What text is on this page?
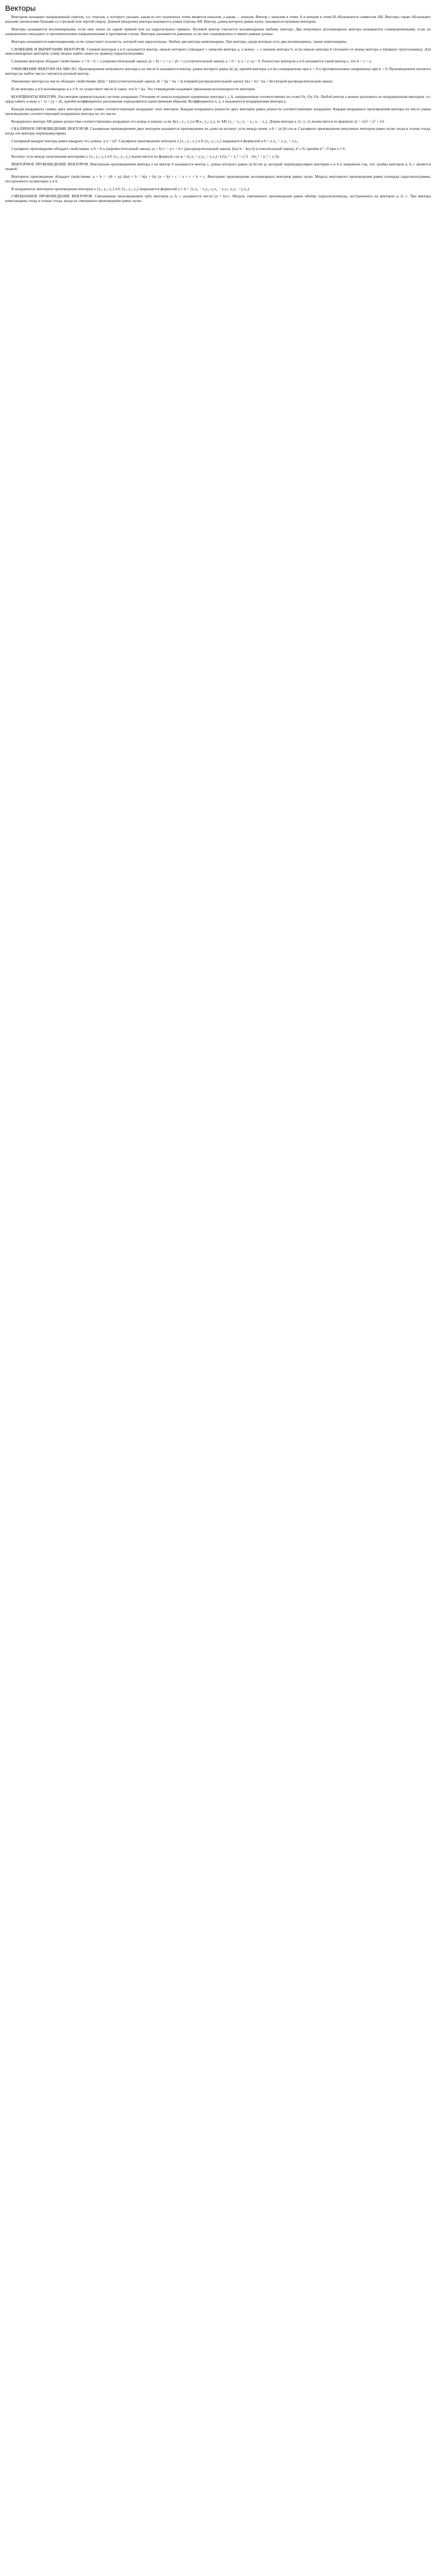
Векторы

Вектором называют направленный отрезок, т.е. отрезок, у которого указано, какая из его граничных точек является началом, а какая — концом. Вектор с началом в точке A и концом в точке B обозначается символом AB. Векторы также обозначают малыми латинскими буквами со стрелкой или чертой сверху. Длиной (модулем) вектора называется длина отрезка AB. Вектор, длина которого равна нулю, называется нулевым вектором.

Векторы называются коллинеарными, если они лежат на одной прямой или на параллельных прямых. Нулевой вектор считается коллинеарным любому вектору. Два ненулевых коллинеарных вектора называются сонаправленными, если их направления совпадают, и противоположно направленными в противном случае. Векторы называются равными, если они сонаправлены и имеют равные длины.

Векторы называются компланарными, если существует плоскость, которой они параллельны. Любые два вектора компланарны. Три вектора, среди которых есть два коллинеарных, также компланарны.

СЛОЖЕНИЕ И ВЫЧИТАНИЕ ВЕКТОРОВ. Суммой векторов a и b называется вектор, начало которого совпадает с началом вектора a, а конец — с концом вектора b, если начало вектора b отложено от конца вектора a (правило треугольника). Для неколлинеарных векторов сумму можно найти также по правилу параллелограмма.

Сложение векторов обладает свойствами: a + b = b + a (переместительный закон); (a + b) + c = a + (b + c) (сочетательный закон); a + 0 = a; a + (−a) = 0. Разностью векторов a и b называется такой вектор c, что b + c = a.

УМНОЖЕНИЕ ВЕКТОРА НА ЧИСЛО. Произведением ненулевого вектора a на число k называется вектор, длина которого равна |k|·|a|, причём векторы a и ka сонаправлены при k > 0 и противоположно направлены при k < 0. Произведением нулевого вектора на любое число считается нулевой вектор.

Умножение вектора на число обладает свойствами: (kl)a = k(la) (сочетательный закон); (k + l)a = ka + la (первый распределительный закон); k(a + b) = ka + kb (второй распределительный закон).

Если векторы a и b коллинеарны и a ≠ 0, то существует число k такое, что b = ka. Это утверждение называют признаком коллинеарности векторов.

КООРДИНАТЫ ВЕКТОРА. Рассмотрим прямоугольную систему координат. Отложим от начала координат единичные векторы i, j, k, направленные соответственно по осям Ox, Oy, Oz. Любой вектор a можно разложить по координатным векторам, т.е. представить в виде a = xi + yj + zk, причём коэффициенты разложения определяются единственным образом. Коэффициенты x, y, z называются координатами вектора a.

Каждая координата суммы двух векторов равна сумме соответствующих координат этих векторов. Каждая координата разности двух векторов равна разности соответствующих координат. Каждая координата произведения вектора на число равна произведению соответствующей координаты вектора на это число.

Координаты вектора AB равны разностям соответствующих координат его конца и начала: если A(x₁; y₁; z₁) и B(x₂; y₂; z₂), то AB {x₂ − x₁; y₂ − y₁; z₂ − z₁}. Длина вектора a {x; y; z} вычисляется по формуле |a| = √(x² + y² + z²).

СКАЛЯРНОЕ ПРОИЗВЕДЕНИЕ ВЕКТОРОВ. Скалярным произведением двух векторов называется произведение их длин на косинус угла между ними: a·b = |a|·|b|·cos φ. Скалярное произведение ненулевых векторов равно нулю тогда и только тогда, когда эти векторы перпендикулярны.

Скалярный квадрат вектора равен квадрату его длины: a·a = |a|². Скалярное произведение векторов a {x₁; y₁; z₁} и b {x₂; y₂; z₂} выражается формулой a·b = x₁x₂ + y₁y₂ + z₁z₂.

Скалярное произведение обладает свойствами: a·b = b·a (переместительный закон); (a + b)·c = a·c + b·c (распределительный закон); (ka)·b = k(a·b) (сочетательный закон); a² ≥ 0, причём a² > 0 при a ≠ 0.

Косинус угла между ненулевыми векторами a {x₁; y₁; z₁} и b {x₂; y₂; z₂} вычисляется по формуле cos φ = (x₁x₂ + y₁y₂ + z₁z₂) / (√(x₁² + y₁² + z₁²) · √(x₂² + y₂² + z₂²)).

ВЕКТОРНОЕ ПРОИЗВЕДЕНИЕ ВЕКТОРОВ. Векторным произведением вектора a на вектор b называется вектор c, длина которого равна |a|·|b|·sin φ, который перпендикулярен векторам a и b и направлен так, что тройка векторов a, b, c является правой.

Векторное произведение обладает свойствами: a × b = −(b × a); (ka) × b = k(a × b); (a + b) × c = a × c + b × c. Векторное произведение коллинеарных векторов равно нулю. Модуль векторного произведения равен площади параллелограмма, построенного на векторах a и b.

В координатах векторное произведение векторов a {x₁; y₁; z₁} и b {x₂; y₂; z₂} выражается формулой a × b = {y₁z₂ − z₁y₂; z₁x₂ − x₁z₂; x₁y₂ − y₁x₂}.

СМЕШАННОЕ ПРОИЗВЕДЕНИЕ ВЕКТОРОВ. Смешанным произведением трёх векторов a, b, c называется число (a × b)·c. Модуль смешанного произведения равен объёму параллелепипеда, построенного на векторах a, b, c. Три вектора компланарны тогда и только тогда, когда их смешанное произведение равно нулю.
